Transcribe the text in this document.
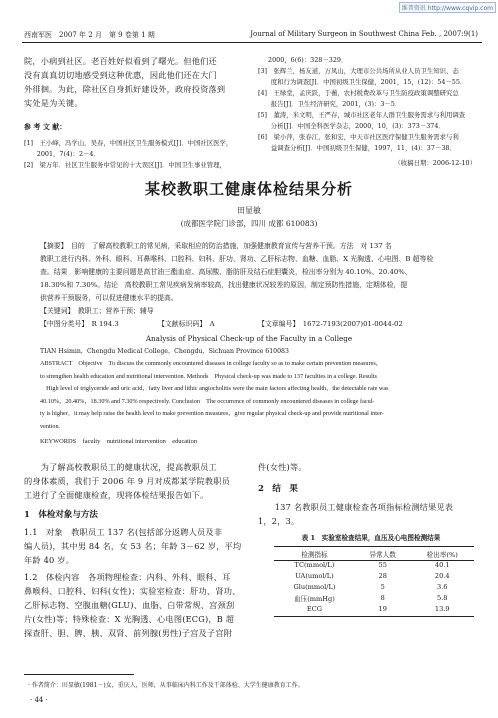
维普资讯 http://www.cqvip.com
西南军医　2007 年 2 月　第 9 卷第 1 期	Journal of Military Surgeon in Southwest China Feb. , 2007:9(1)
院，小病到社区。老百姓好似看到了曙光。但他们还
没有真真切切地感受到这种优惠，因此他们还在大门
外徘徊。为此，除社区自身抓好建设外，政府投资落到
实处是为关键。
参 考 文 献：
[1]　王小峰，冯学山，吴春，中国社区卫生服务模式[J]．中国社区医学，
　　2001，7(4)：2－4．
[2]　梁万年．社区卫生服务中常见的十大误区[J]．中国卫生事业管理，
2000，6(6)：328－329．
[3]　张辉兰，杨友道，万凤山，大理市公共场所从业人员卫生知识、态
　　度和行为调查[J]．中国初级卫生保健，2001，15，(12)：54－55．
[4]　王绿堂，孟庆跃，于蘅，农村税费改革与卫生防疫政策调整研究总
　　报告[J]．卫生经济研究，2001，(3)：3－5．
[5]　董涛，米文明，王严存，城市社区老年人群卫生服务需求与利用调查
　　分析[J]．中国全科医学杂志，2000，10，(3)：373－374．
[6]　梁小萍，张春江，张和宏，中天市社区医疗保健卫生服务需求与利
　　益调查分析[J]．中国初级卫生保健，1997，11，(4)：37－38．
（收稿日期：2006-12-10）
某校教职工健康体检结果分析
田显敏
(成都医学院门诊部，四川 成都 610083)
【摘要】　目的　了解高校教职工的常见病，采取相应的防治措施，加强健康教育宣传与营养干预。方法　对 137 名
教职工进行内科、外科、眼科、耳鼻喉科、口腔科、妇科、肝功、肾功、乙肝标志物、血糖、血脂、X 光胸透、心电图、B 超等检
查。结果　影响健康的主要问题是高甘油三酯血症、高尿酸、脂肪肝及结石症胆囊炎，检出率分别为 40.10%、20.40%、
18.30%和 7.30%。结论　高校教职工常见疾病发病率较高，找出健康状况较差的原因，制定预防性措施，定期体检，提
供营养干预服务，可以促进健康水平的提高。
【关键词】　教职工；营养干预；辅导
【中图分类号】　R 194.3	【文献标识码】　A	【文章编号】　1672-7193(2007)01-0044-02
Analysis of Physical Check-up of the Faculty in a College
TIAN Hsimin，Chengdu Medical College，Chengdu，Sichuan Province 610083
ABSTRACT　Objective　To discuss the commonly encountered diseases in college faculty so as to make certain prevention measures，
to strengthen health education and nutritional intervention. Methods　Physical check-up was made to 137 faculties in a college. Results
　High level of triglyceride and uric acid，fatty liver and lithic angiocholitis were the main factors affecting health，the detectable rate was
40.10%，20.40%，18.30% and 7.30% respectively. Conclusion　The occurrence of commonly encountered diseases in college facul-
ty is higher，it may help raise the health level to make prevention measures，give regular physical check-up and provide nutritional inter-
vention.
KEYWORDS　faculty　nutritional intervention　education
　　为了解高校教职员工的健康状况，提高教职员工
的身体素质，我们于 2006 年 9 月对成都某学院教职员
工进行了全面健康检查，现将体检结果报告如下。
1　体检对象与方法
1.1　对象　教职员工 137 名(包括部分返聘人员及非
编人员)，其中男 84 名，女 53 名；年龄 3－62 岁，平均
年龄 40 岁。
1.2　体检内容　各项物理检查：内科、外科、眼科、耳
鼻喉科、口腔科、妇科(女性)；实验室检查：肝功、肾功、
乙肝标志物、空腹血糖(GLU)、血脂、白带常规、宫颈刮
片(女性)等；特殊检查：X 光胸透、心电图(ECG)，B 超
探查肝、胆、脾、胰、双肾、前列腺(男性)子宫及子宫附
件(女性)等。
2　结　果
　　137 名教职员工健康检查各项指标检测结果见表
1，2，3。
表 1　实验室检查结果，血压及心电图检测结果
检测指标	异常人数	检出率(%)
TC(mmol/L)	55	40.1
UA(umol/L)	28	20.4
Glu(mmol/L)	5	3.6
血压(mmHg)	8	5.8
ECG	19	13.9
· 作者简介：田显敏(1981－)女，重庆人，医师，从事临床内科工作及干部体检、大学生健康教育工作。
· 44 ·
